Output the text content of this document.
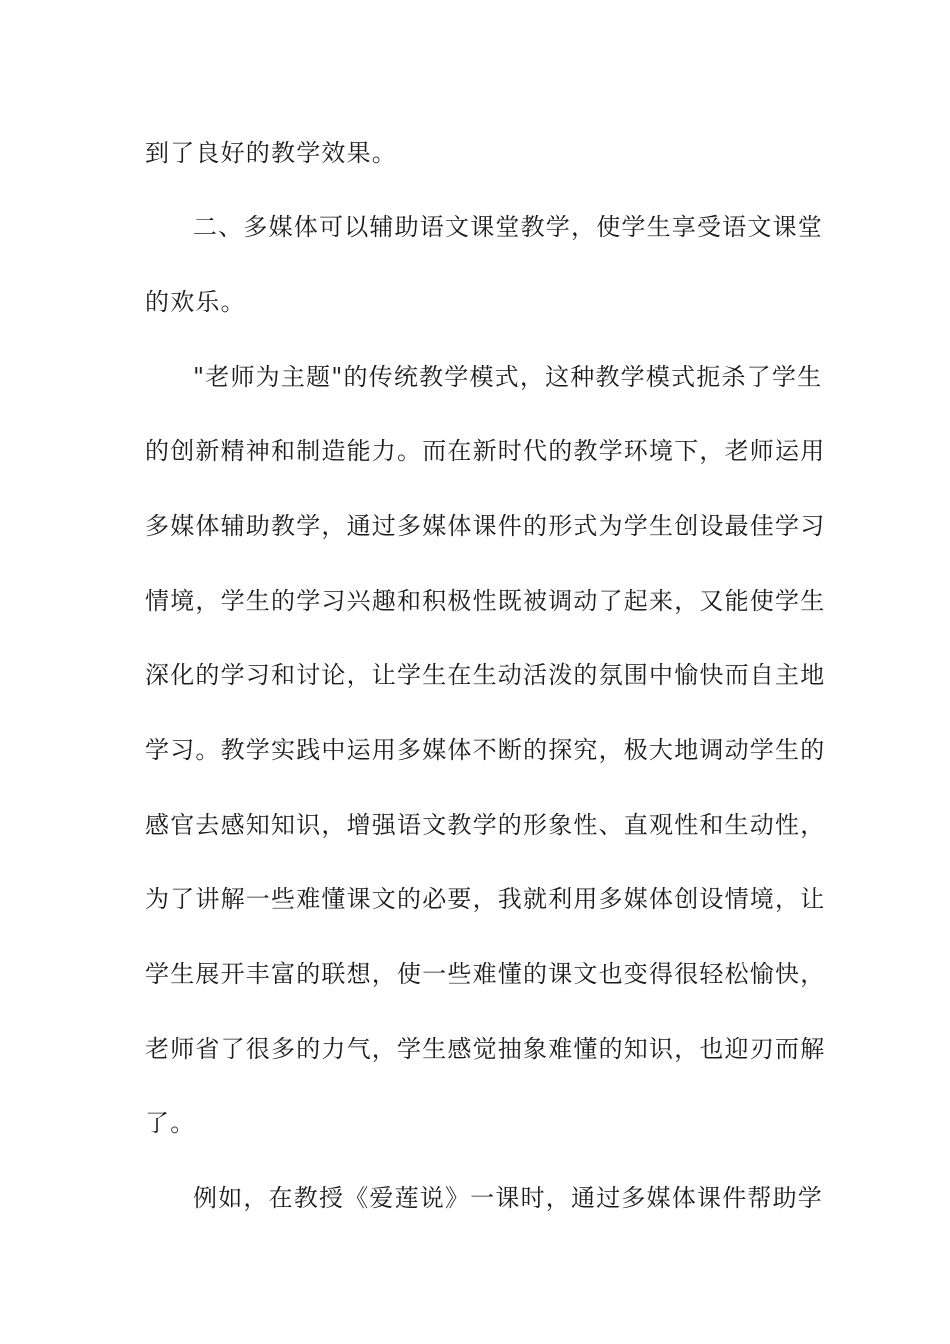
到了良好的教学效果。
二、多媒体可以辅助语文课堂教学，使学生享受语文课堂
的欢乐。
"老师为主题"的传统教学模式，这种教学模式扼杀了学生
的创新精神和制造能力。而在新时代的教学环境下，老师运用
多媒体辅助教学，通过多媒体课件的形式为学生创设最佳学习
情境，学生的学习兴趣和积极性既被调动了起来，又能使学生
深化的学习和讨论，让学生在生动活泼的氛围中愉快而自主地
学习。教学实践中运用多媒体不断的探究，极大地调动学生的
感官去感知知识，增强语文教学的形象性、直观性和生动性，
为了讲解一些难懂课文的必要，我就利用多媒体创设情境，让
学生展开丰富的联想，使一些难懂的课文也变得很轻松愉快，
老师省了很多的力气，学生感觉抽象难懂的知识，也迎刃而解
了。
例如，在教授《爱莲说》一课时，通过多媒体课件帮助学
